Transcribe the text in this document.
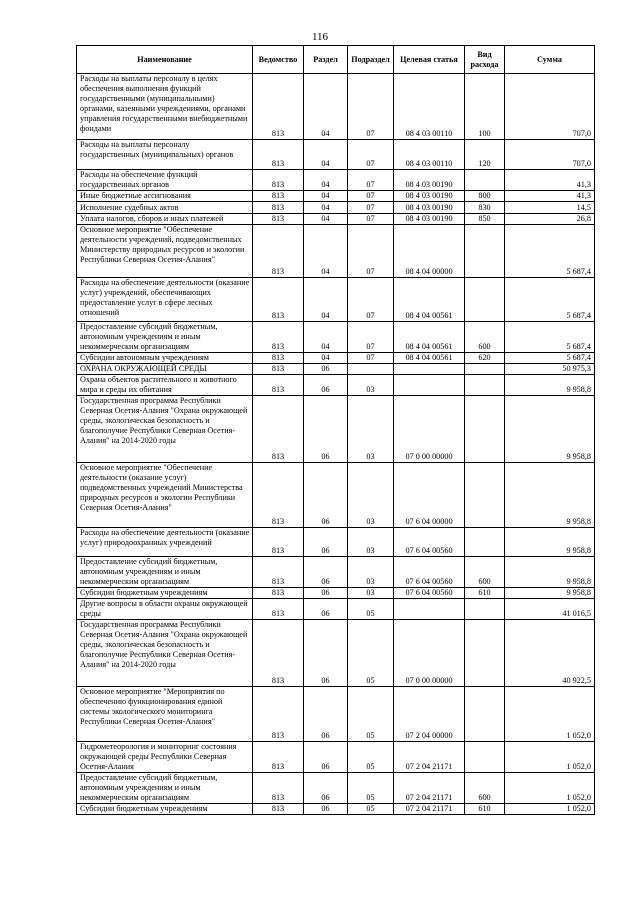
116
Наименование	Ведомство	Раздел	Подраздел	Целевая статья	Вид расхода	Сумма
Расходы на выплаты персоналу в целях обеспечения выполнения функций государственными (муниципальными) органами, казенными учреждениями, органами управления государственными внебюджетными фондами	813	04	07	08 4 03 00110	100	707,0
Расходы на выплаты персоналу государственных (муниципальных) органов	813	04	07	08 4 03 00110	120	707,0
Расходы на обеспечение функций государственных органов	813	04	07	08 4 03 00190		41,3
Иные бюджетные ассигнования	813	04	07	08 4 03 00190	800	41,3
Исполнение судебных актов	813	04	07	08 4 03 00190	830	14,5
Уплата налогов, сборов и иных платежей	813	04	07	08 4 03 00190	850	26,8
Основное мероприятие "Обеспечение деятельности учреждений, подведомственных Министерству природных ресурсов и экологии Республики Северная Осетия-Алания"	813	04	07	08 4 04 00000		5 687,4
Расходы на обеспечение деятельности (оказание услуг) учреждений, обеспечивающих предоставление услуг в сфере лесных отношений	813	04	07	08 4 04 00561		5 687,4
Предоставление субсидий бюджетным, автономным учреждениям и иным некоммерческим организациям	813	04	07	08 4 04 00561	600	5 687,4
Субсидии автономным учреждениям	813	04	07	08 4 04 00561	620	5 687,4
ОХРАНА ОКРУЖАЮЩЕЙ СРЕДЫ	813	06				50 975,3
Охрана объектов растительного и животного мира и среды их обитания	813	06	03			9 958,8
Государственная программа Республики Северная Осетия-Алания "Охрана окружающей среды, экологическая безопасность и благополучие Республики Северная Осетия-Алания" на 2014-2020 годы	813	06	03	07 0 00 00000		9 958,8
Основное мероприятие "Обеспечение деятельности (оказание услуг) подведомственных учреждений Министерства природных ресурсов и экологии Республики Северная Осетия-Алания"	813	06	03	07 6 04 00000		9 958,8
Расходы на обеспечение деятельности (оказание услуг) природоохранных учреждений	813	06	03	07 6 04 00560		9 958,8
Предоставление субсидий бюджетным, автономным учреждениям и иным некоммерческим организациям	813	06	03	07 6 04 00560	600	9 958,8
Субсидии бюджетным учреждениям	813	06	03	07 6 04 00560	610	9 958,8
Другие вопросы в области охраны окружающей среды	813	06	05			41 016,5
Государственная программа Республики Северная Осетия-Алания "Охрана окружающей среды, экологическая безопасность и благополучие Республики Северная Осетия-Алания" на 2014-2020 годы	813	06	05	07 0 00 00000		40 922,5
Основное мероприятие "Мероприятия по обеспечению функционирования единой системы экологического мониторинга Республики Северная Осетия-Алания"	813	06	05	07 2 04 00000		1 052,0
Гидрометеорология и мониторинг состояния окружающей среды Республики Северная Осетия-Алания	813	06	05	07 2 04 21171		1 052,0
Предоставление субсидий бюджетным, автономным учреждениям и иным некоммерческим организациям	813	06	05	07 2 04 21171	600	1 052,0
Субсидии бюджетным учреждениям	813	06	05	07 2 04 21171	610	1 052,0
